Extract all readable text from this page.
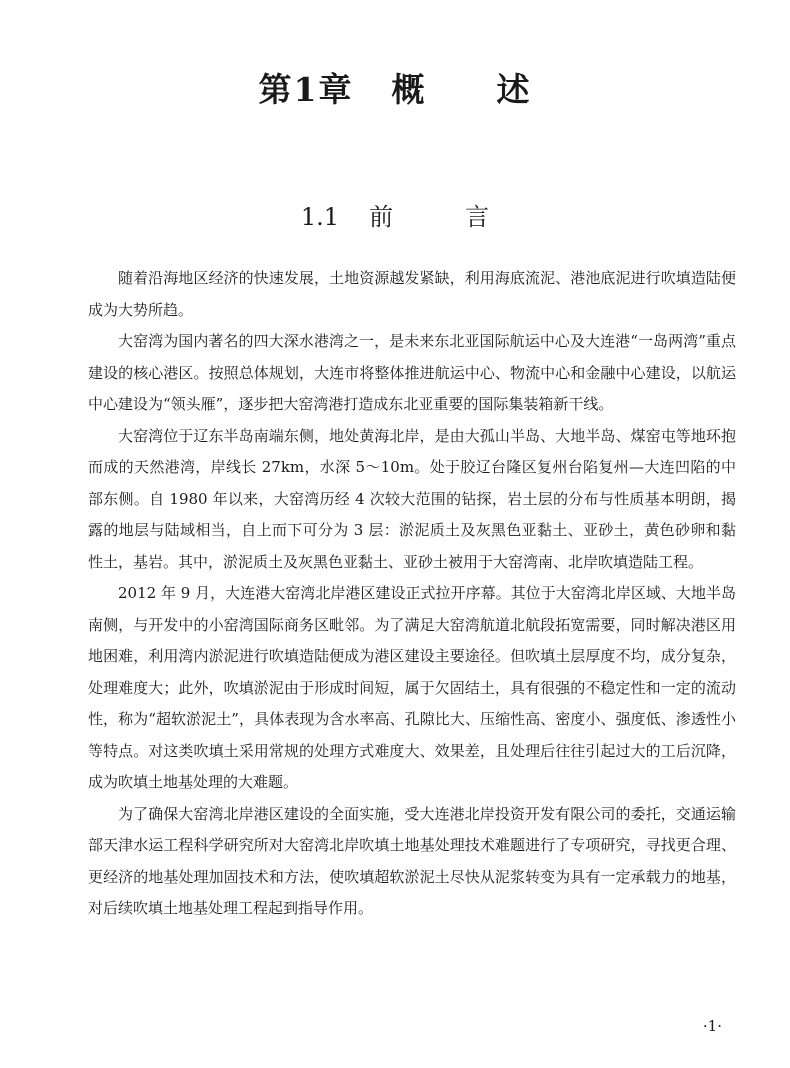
第1章 概 述
1.1 前	言

随着沿海地区经济的快速发展，土地资源越发紧缺，利用海底流泥、港池底泥进行吹填造陆便成为大势所趋。

大窑湾为国内著名的四大深水港湾之一，是未来东北亚国际航运中心及大连港“一岛两湾”重点建设的核心港区。按照总体规划，大连市将整体推进航运中心、物流中心和金融中心建设，以航运中心建设为“领头雁”，逐步把大窑湾港打造成东北亚重要的国际集装箱新干线。

大窑湾位于辽东半岛南端东侧，地处黄海北岸，是由大孤山半岛、大地半岛、煤窑屯等地环抱而成的天然港湾，岸线长 27km，水深 5～10m。处于胶辽台隆区复州台陷复州—大连凹陷的中部东侧。自 1980 年以来，大窑湾历经 4 次较大范围的钻探，岩土层的分布与性质基本明朗，揭露的地层与陆域相当，自上而下可分为 3 层：淤泥质土及灰黑色亚黏土、亚砂土，黄色砂卵和黏性土，基岩。其中，淤泥质土及灰黑色亚黏土、亚砂土被用于大窑湾南、北岸吹填造陆工程。

2012 年 9 月，大连港大窑湾北岸港区建设正式拉开序幕。其位于大窑湾北岸区域、大地半岛南侧，与开发中的小窑湾国际商务区毗邻。为了满足大窑湾航道北航段拓宽需要，同时解决港区用地困难，利用湾内淤泥进行吹填造陆便成为港区建设主要途径。但吹填土层厚度不均，成分复杂，处理难度大；此外，吹填淤泥由于形成时间短，属于欠固结土，具有很强的不稳定性和一定的流动性，称为“超软淤泥土”，具体表现为含水率高、孔隙比大、压缩性高、密度小、强度低、渗透性小等特点。对这类吹填土采用常规的处理方式难度大、效果差，且处理后往往引起过大的工后沉降，成为吹填土地基处理的大难题。

为了确保大窑湾北岸港区建设的全面实施，受大连港北岸投资开发有限公司的委托，交通运输部天津水运工程科学研究所对大窑湾北岸吹填土地基处理技术难题进行了专项研究，寻找更合理、更经济的地基处理加固技术和方法，使吹填超软淤泥土尽快从泥浆转变为具有一定承载力的地基，对后续吹填土地基处理工程起到指导作用。

·1·
